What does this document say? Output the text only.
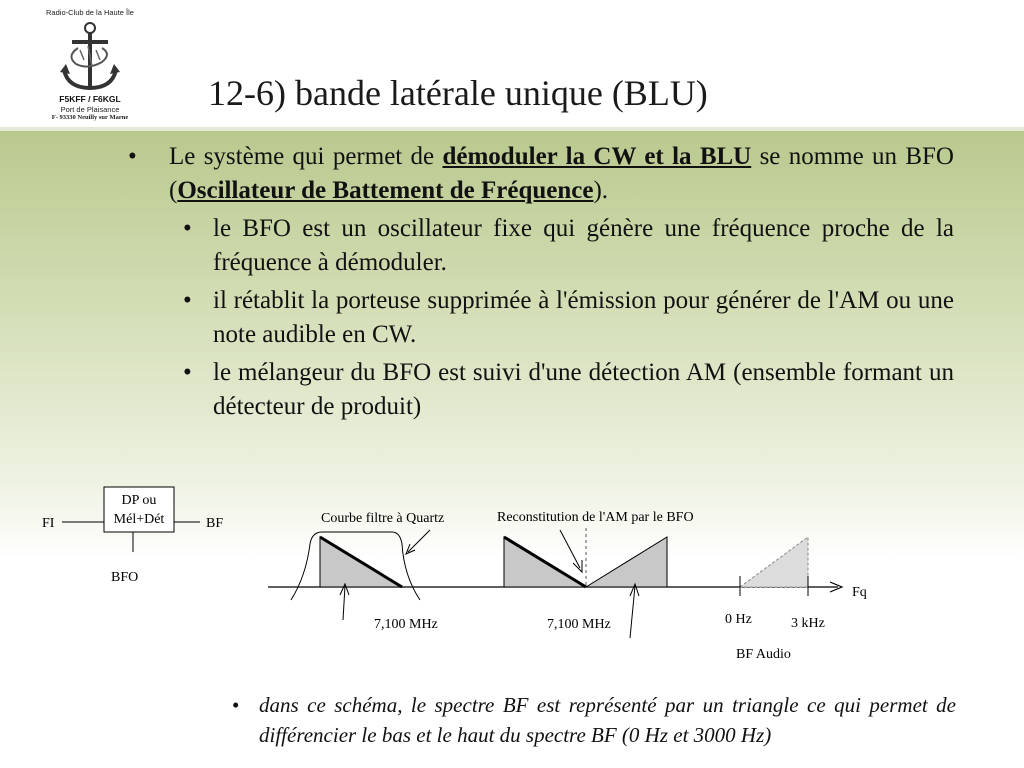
Radio-Club de la Haute Île
F5KFF / F6KGL
Port de Plaisance
F- 93330 Neuilly sur Marne
12-6) bande latérale unique (BLU)
• Le système qui permet de démoduler la CW et la BLU se nomme un BFO (Oscillateur de Battement de Fréquence).
• le BFO est un oscillateur fixe qui génère une fréquence proche de la fréquence à démoduler.
• il rétablit la porteuse supprimée à l'émission pour générer de l'AM ou une note audible en CW.
• le mélangeur du BFO est suivi d'une détection AM (ensemble formant un détecteur de produit)
DP ou
Mél+Dét
FI	BF
BFO
Fq
Courbe filtre à Quartz
7,100 MHz
Reconstitution de l'AM par le BFO
7,100 MHz	0 Hz	3 kHz
BF Audio
• dans ce schéma, le spectre BF est représenté par un triangle ce qui permet de différencier le bas et le haut du spectre BF (0 Hz et 3000 Hz)
